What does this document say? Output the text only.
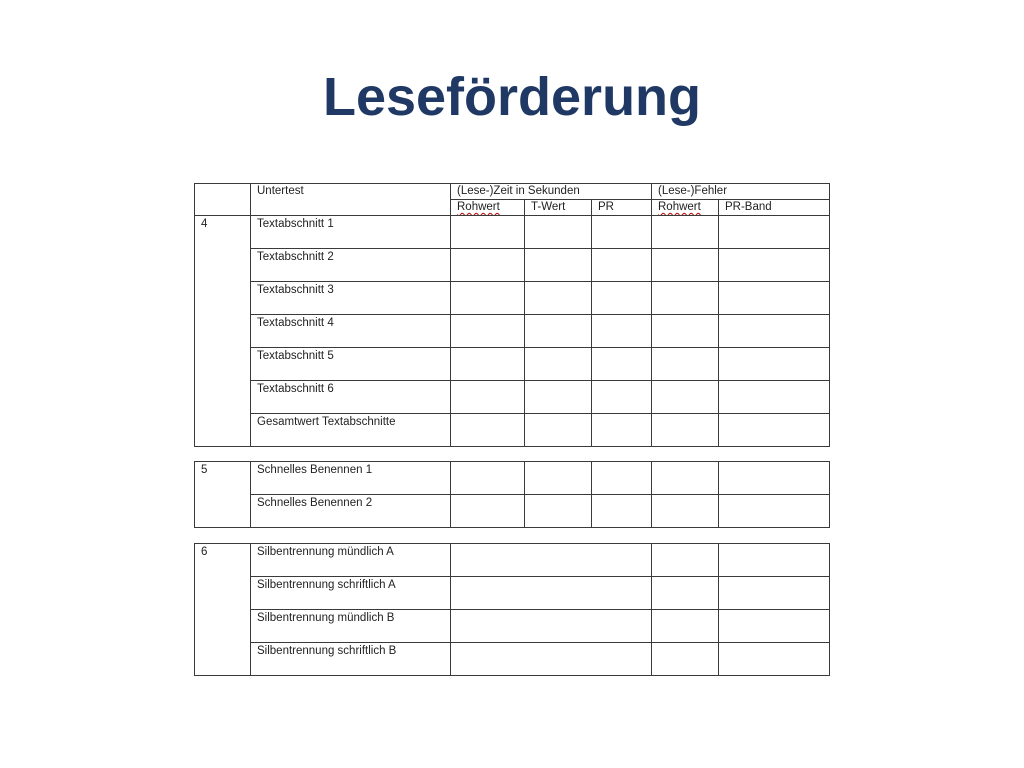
Leseförderung
	Untertest	(Lese-)Zeit in Sekunden			(Lese-)Fehler	
		Rohwert	T-Wert	PR	Rohwert	PR-Band
4	Textabschnitt 1					
	Textabschnitt 2					
	Textabschnitt 3					
	Textabschnitt 4					
	Textabschnitt 5					
	Textabschnitt 6					
	Gesamtwert Textabschnitte					
5	Schnelles Benennen 1					
	Schnelles Benennen 2					
6	Silbentrennung mündlich A			
	Silbentrennung schriftlich A			
	Silbentrennung mündlich B			
	Silbentrennung schriftlich B			
